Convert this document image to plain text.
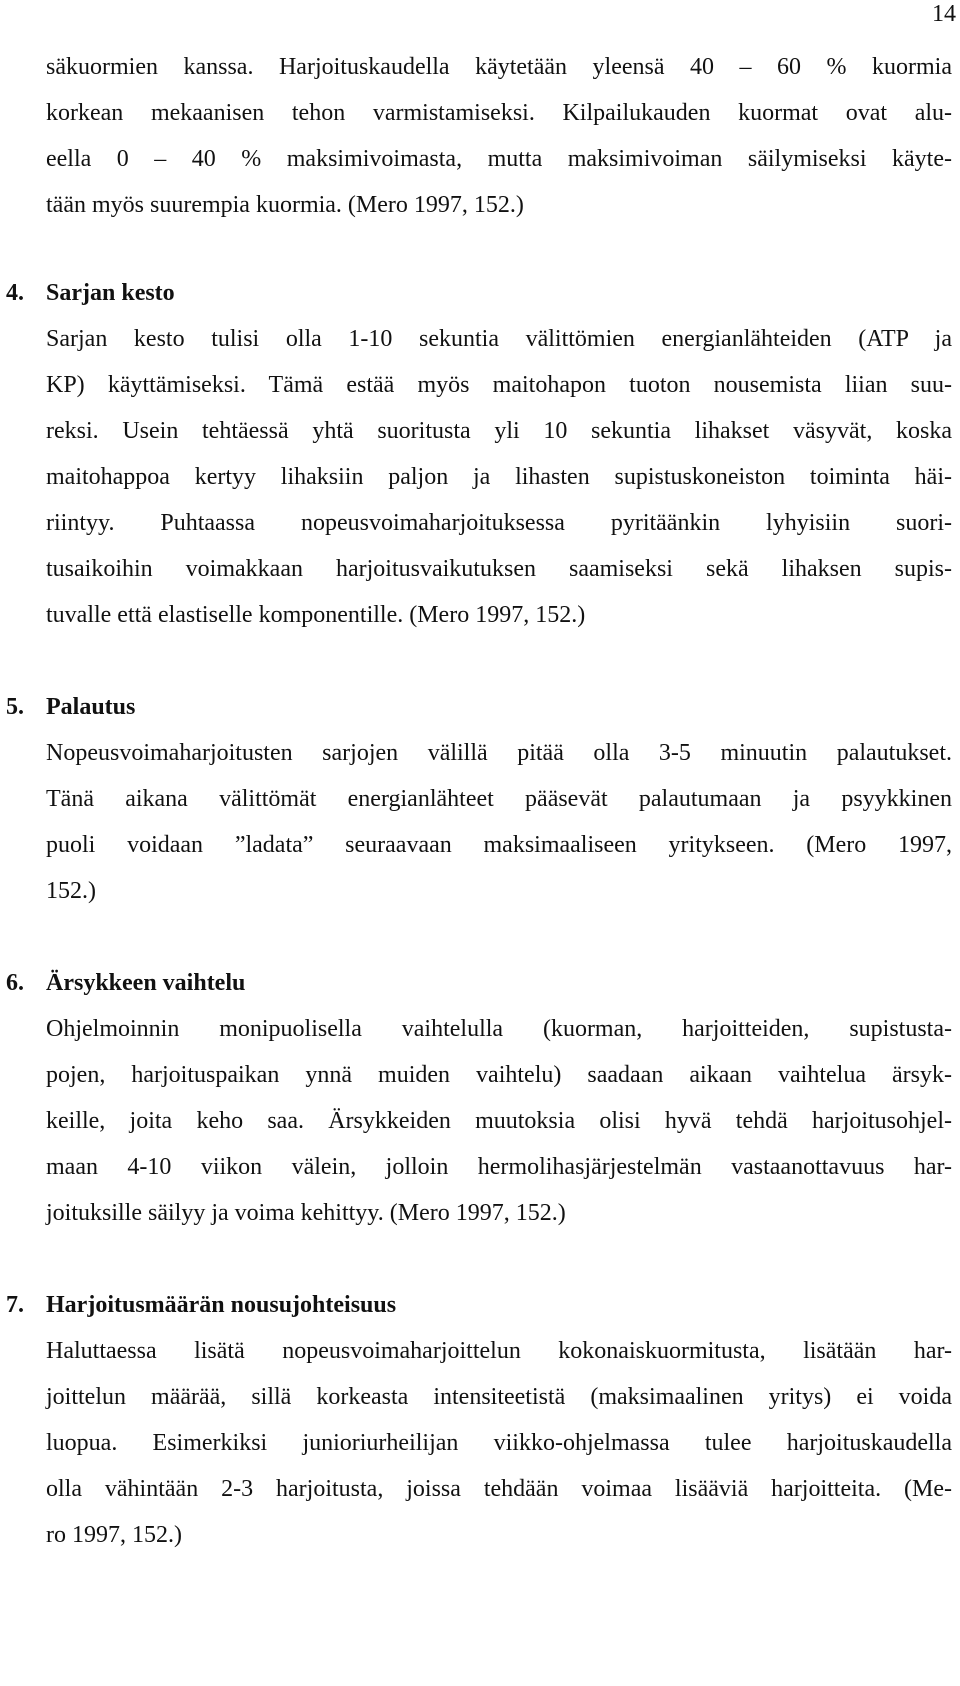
14

säkuormien kanssa. Harjoituskaudella käytetään yleensä 40 – 60 % kuormia
korkean mekaanisen tehon varmistamiseksi. Kilpailukauden kuormat ovat alu-
eella 0 – 40 % maksimivoimasta, mutta maksimivoiman säilymiseksi käyte-
tään myös suurempia kuormia. (Mero 1997, 152.)

4. Sarjan kesto

Sarjan kesto tulisi olla 1-10 sekuntia välittömien energianlähteiden (ATP ja
KP) käyttämiseksi. Tämä estää myös maitohapon tuoton nousemista liian suu-
reksi. Usein tehtäessä yhtä suoritusta yli 10 sekuntia lihakset väsyvät, koska
maitohappoa kertyy lihaksiin paljon ja lihasten supistuskoneiston toiminta häi-
riintyy. Puhtaassa nopeusvoimaharjoituksessa pyritäänkin lyhyisiin suori-
tusaikoihin voimakkaan harjoitusvaikutuksen saamiseksi sekä lihaksen supis-
tuvalle että elastiselle komponentille. (Mero 1997, 152.)

5. Palautus

Nopeusvoimaharjoitusten sarjojen välillä pitää olla 3-5 minuutin palautukset.
Tänä aikana välittömät energianlähteet pääsevät palautumaan ja psyykkinen
puoli voidaan ”ladata” seuraavaan maksimaaliseen yritykseen. (Mero 1997,
152.)

6. Ärsykkeen vaihtelu

Ohjelmoinnin monipuolisella vaihtelulla (kuorman, harjoitteiden, supistusta-
pojen, harjoituspaikan ynnä muiden vaihtelu) saadaan aikaan vaihtelua ärsyk-
keille, joita keho saa. Ärsykkeiden muutoksia olisi hyvä tehdä harjoitusohjel-
maan 4-10 viikon välein, jolloin hermolihasjärjestelmän vastaanottavuus har-
joituksille säilyy ja voima kehittyy. (Mero 1997, 152.)

7. Harjoitusmäärän nousujohteisuus

Haluttaessa lisätä nopeusvoimaharjoittelun kokonaiskuormitusta, lisätään har-
joittelun määrää, sillä korkeasta intensiteetistä (maksimaalinen yritys) ei voida
luopua. Esimerkiksi junioriurheilijan viikko-ohjelmassa tulee harjoituskaudella
olla vähintään 2-3 harjoitusta, joissa tehdään voimaa lisääviä harjoitteita. (Me-
ro 1997, 152.)
